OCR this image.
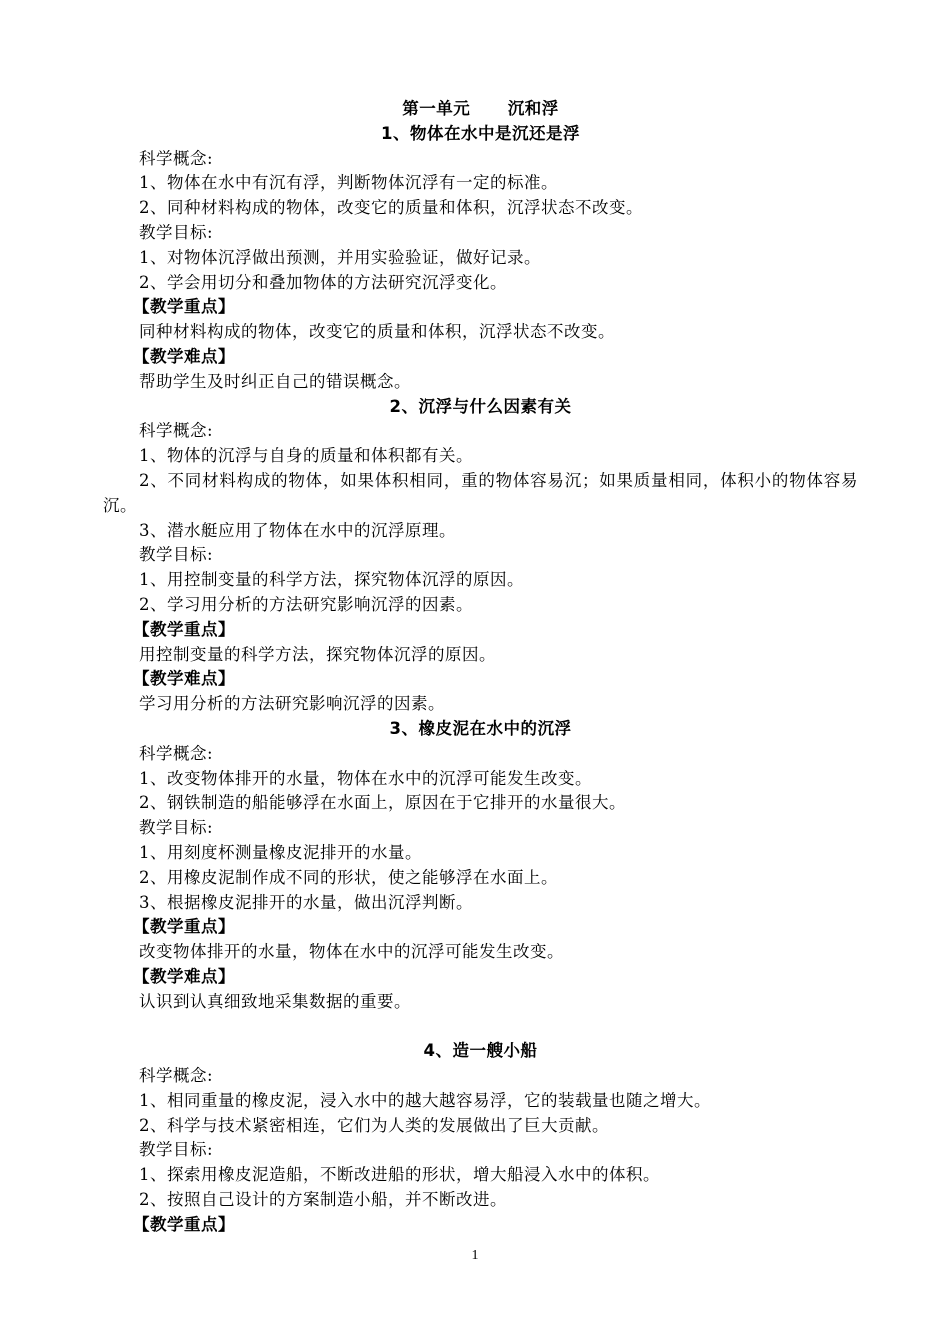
第一单元      沉和浮
1、物体在水中是沉还是浮
科学概念:
1、物体在水中有沉有浮，判断物体沉浮有一定的标准。
2、同种材料构成的物体，改变它的质量和体积，沉浮状态不改变。
教学目标:
1、对物体沉浮做出预测，并用实验验证，做好记录。
2、学会用切分和叠加物体的方法研究沉浮变化。
【教学重点】
同种材料构成的物体，改变它的质量和体积，沉浮状态不改变。
【教学难点】
帮助学生及时纠正自己的错误概念。
2、沉浮与什么因素有关
科学概念:
1、物体的沉浮与自身的质量和体积都有关。
2、不同材料构成的物体，如果体积相同，重的物体容易沉；如果质量相同，体积小的物体容易沉。
3、潜水艇应用了物体在水中的沉浮原理。
教学目标:
1、用控制变量的科学方法，探究物体沉浮的原因。
2、学习用分析的方法研究影响沉浮的因素。
【教学重点】
用控制变量的科学方法，探究物体沉浮的原因。
【教学难点】
学习用分析的方法研究影响沉浮的因素。
3、橡皮泥在水中的沉浮
科学概念:
1、改变物体排开的水量，物体在水中的沉浮可能发生改变。
2、钢铁制造的船能够浮在水面上，原因在于它排开的水量很大。
教学目标:
1、用刻度杯测量橡皮泥排开的水量。
2、用橡皮泥制作成不同的形状，使之能够浮在水面上。
3、根据橡皮泥排开的水量，做出沉浮判断。
【教学重点】
改变物体排开的水量，物体在水中的沉浮可能发生改变。
【教学难点】
认识到认真细致地采集数据的重要。
4、造一艘小船
科学概念:
1、相同重量的橡皮泥，浸入水中的越大越容易浮，它的装载量也随之增大。
2、科学与技术紧密相连，它们为人类的发展做出了巨大贡献。
教学目标:
1、探索用橡皮泥造船，不断改进船的形状，增大船浸入水中的体积。
2、按照自己设计的方案制造小船，并不断改进。
【教学重点】
1
